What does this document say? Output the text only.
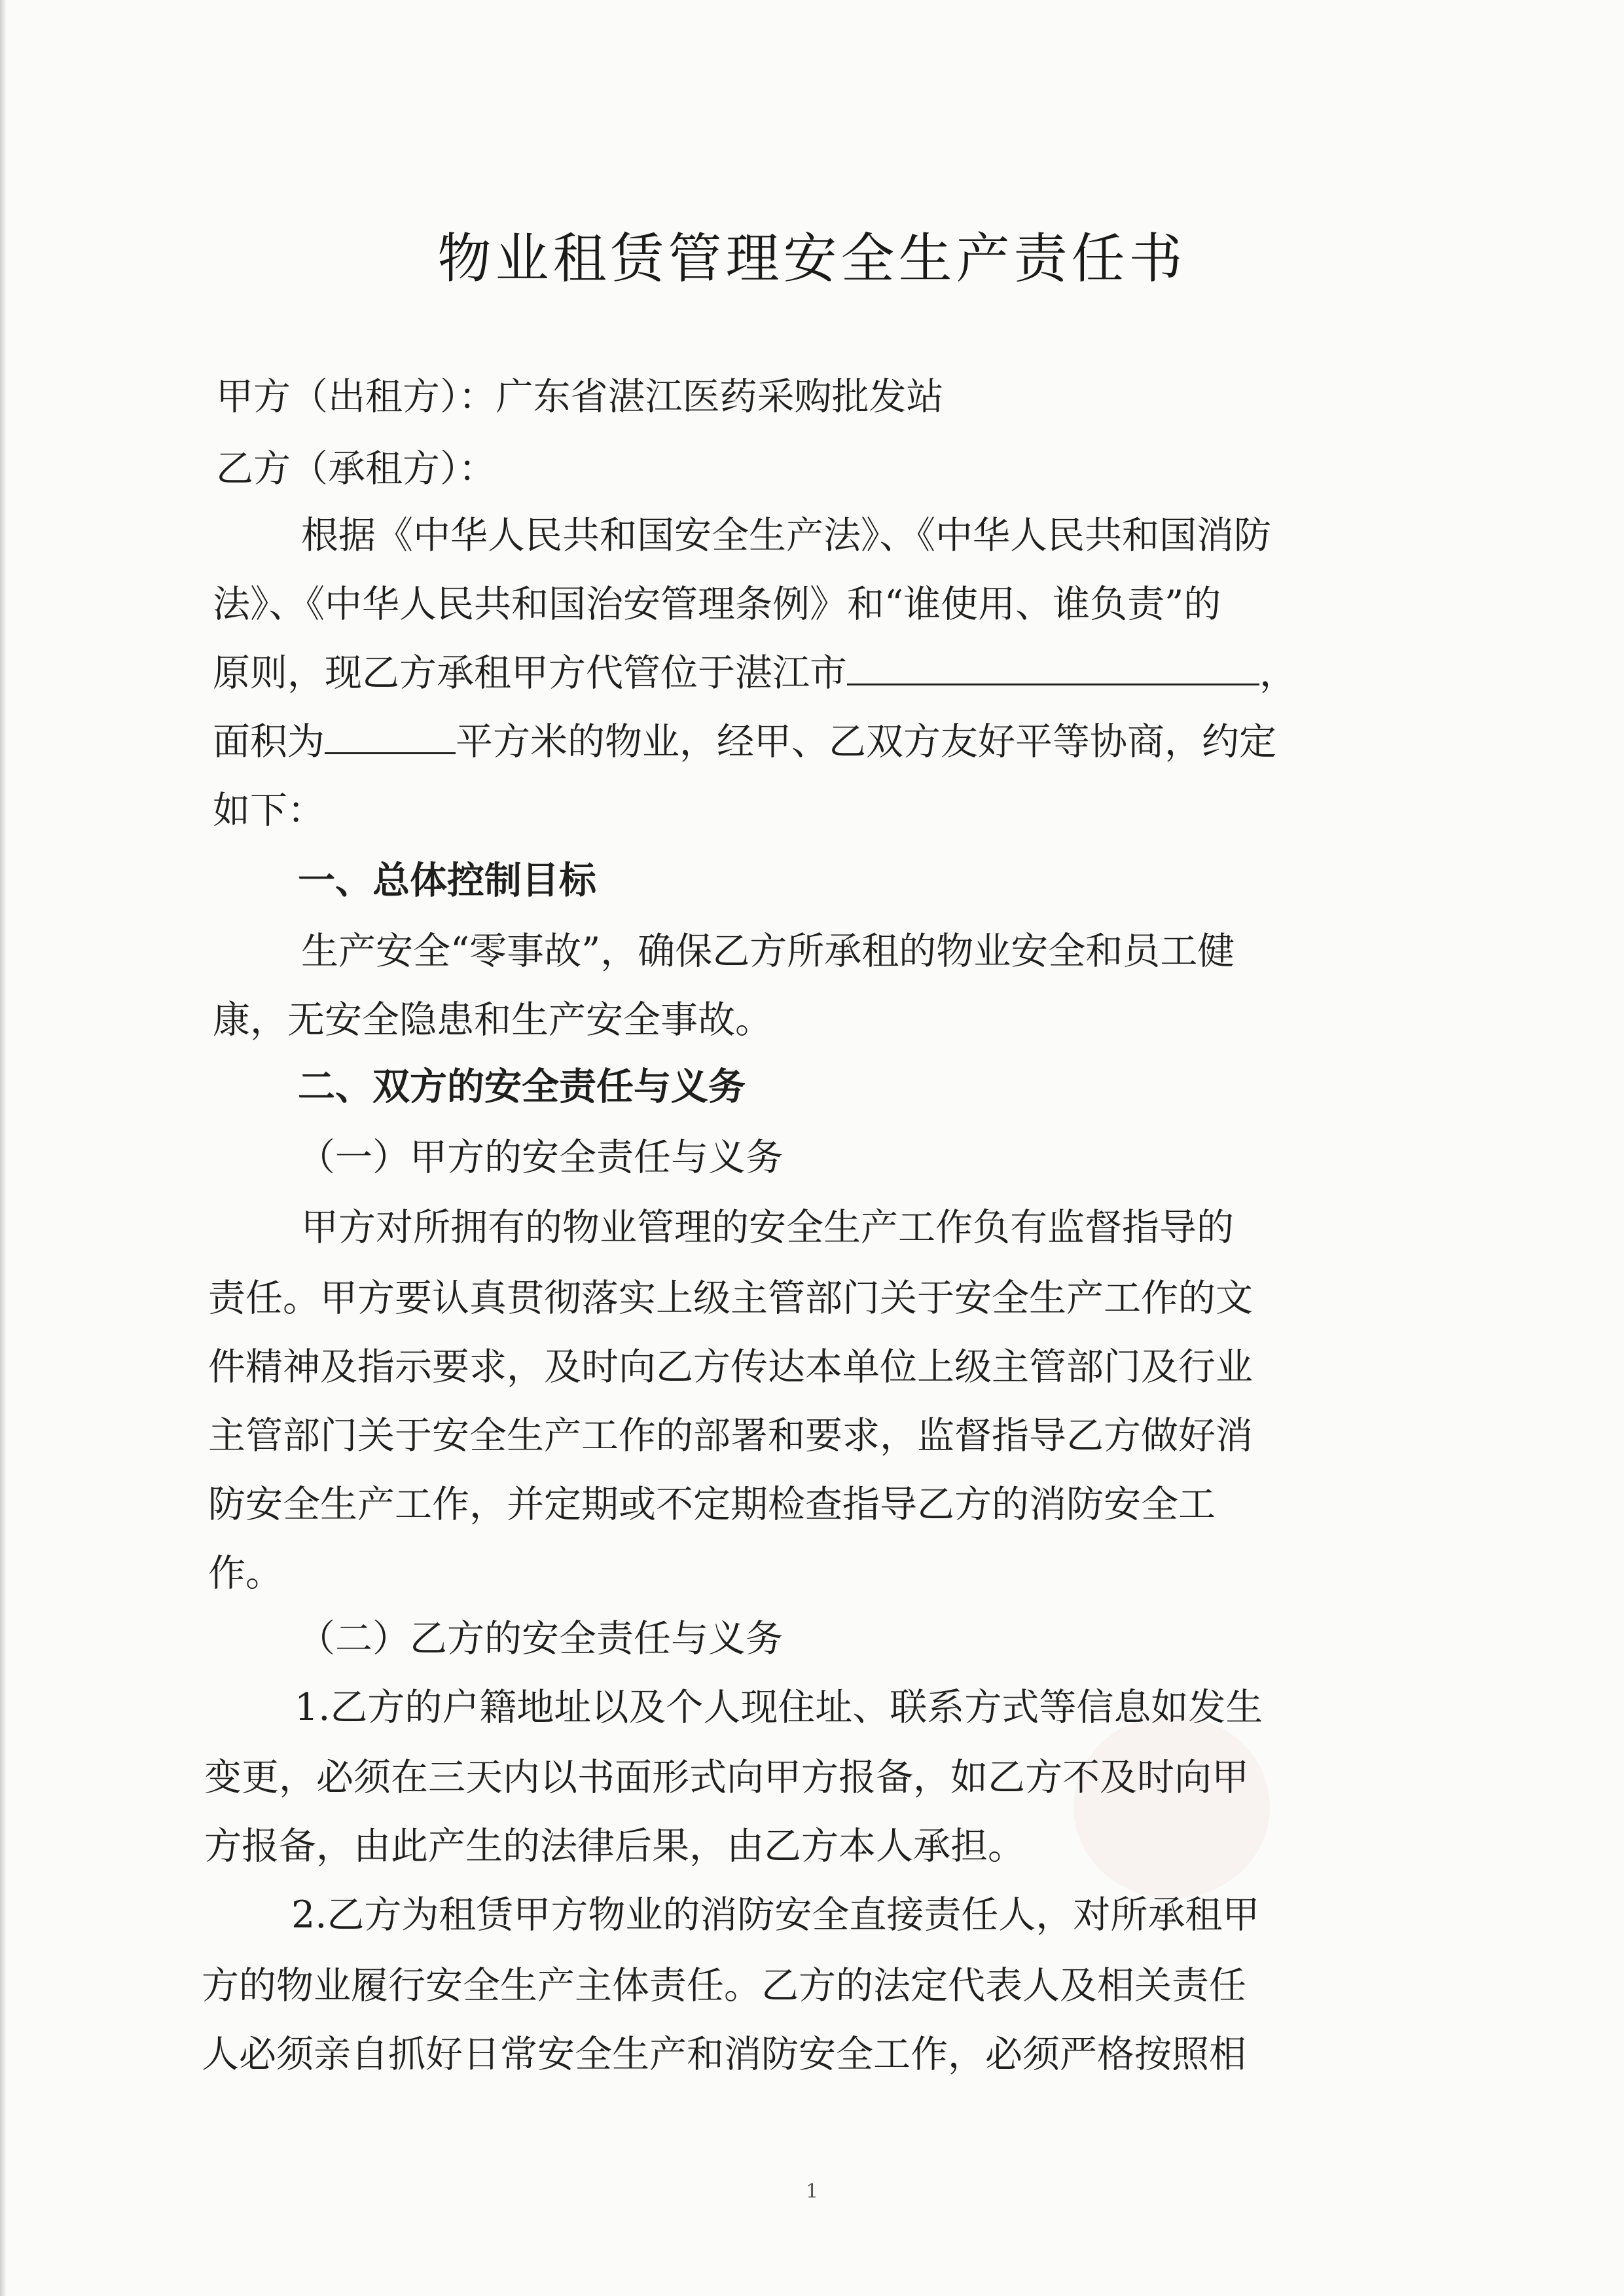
物业租赁管理安全生产责任书
甲方（出租方）：广东省湛江医药采购批发站
乙方（承租方）：
根据《中华人民共和国安全生产法》、《中华人民共和国消防
法》、《中华人民共和国治安管理条例》和“谁使用、谁负责”的
原则，现乙方承租甲方代管位于湛江市	，
面积为	平方米的物业，经甲、乙双方友好平等协商，约定
如下：
一、总体控制目标
生产安全“零事故”，确保乙方所承租的物业安全和员工健
康，无安全隐患和生产安全事故。
二、双方的安全责任与义务
（一）甲方的安全责任与义务
甲方对所拥有的物业管理的安全生产工作负有监督指导的
责任。甲方要认真贯彻落实上级主管部门关于安全生产工作的文
件精神及指示要求，及时向乙方传达本单位上级主管部门及行业
主管部门关于安全生产工作的部署和要求，监督指导乙方做好消
防安全生产工作，并定期或不定期检查指导乙方的消防安全工
作。
（二）乙方的安全责任与义务
1.乙方的户籍地址以及个人现住址、联系方式等信息如发生
变更，必须在三天内以书面形式向甲方报备，如乙方不及时向甲
方报备，由此产生的法律后果，由乙方本人承担。
2.乙方为租赁甲方物业的消防安全直接责任人，对所承租甲
方的物业履行安全生产主体责任。乙方的法定代表人及相关责任
人必须亲自抓好日常安全生产和消防安全工作，必须严格按照相
1
